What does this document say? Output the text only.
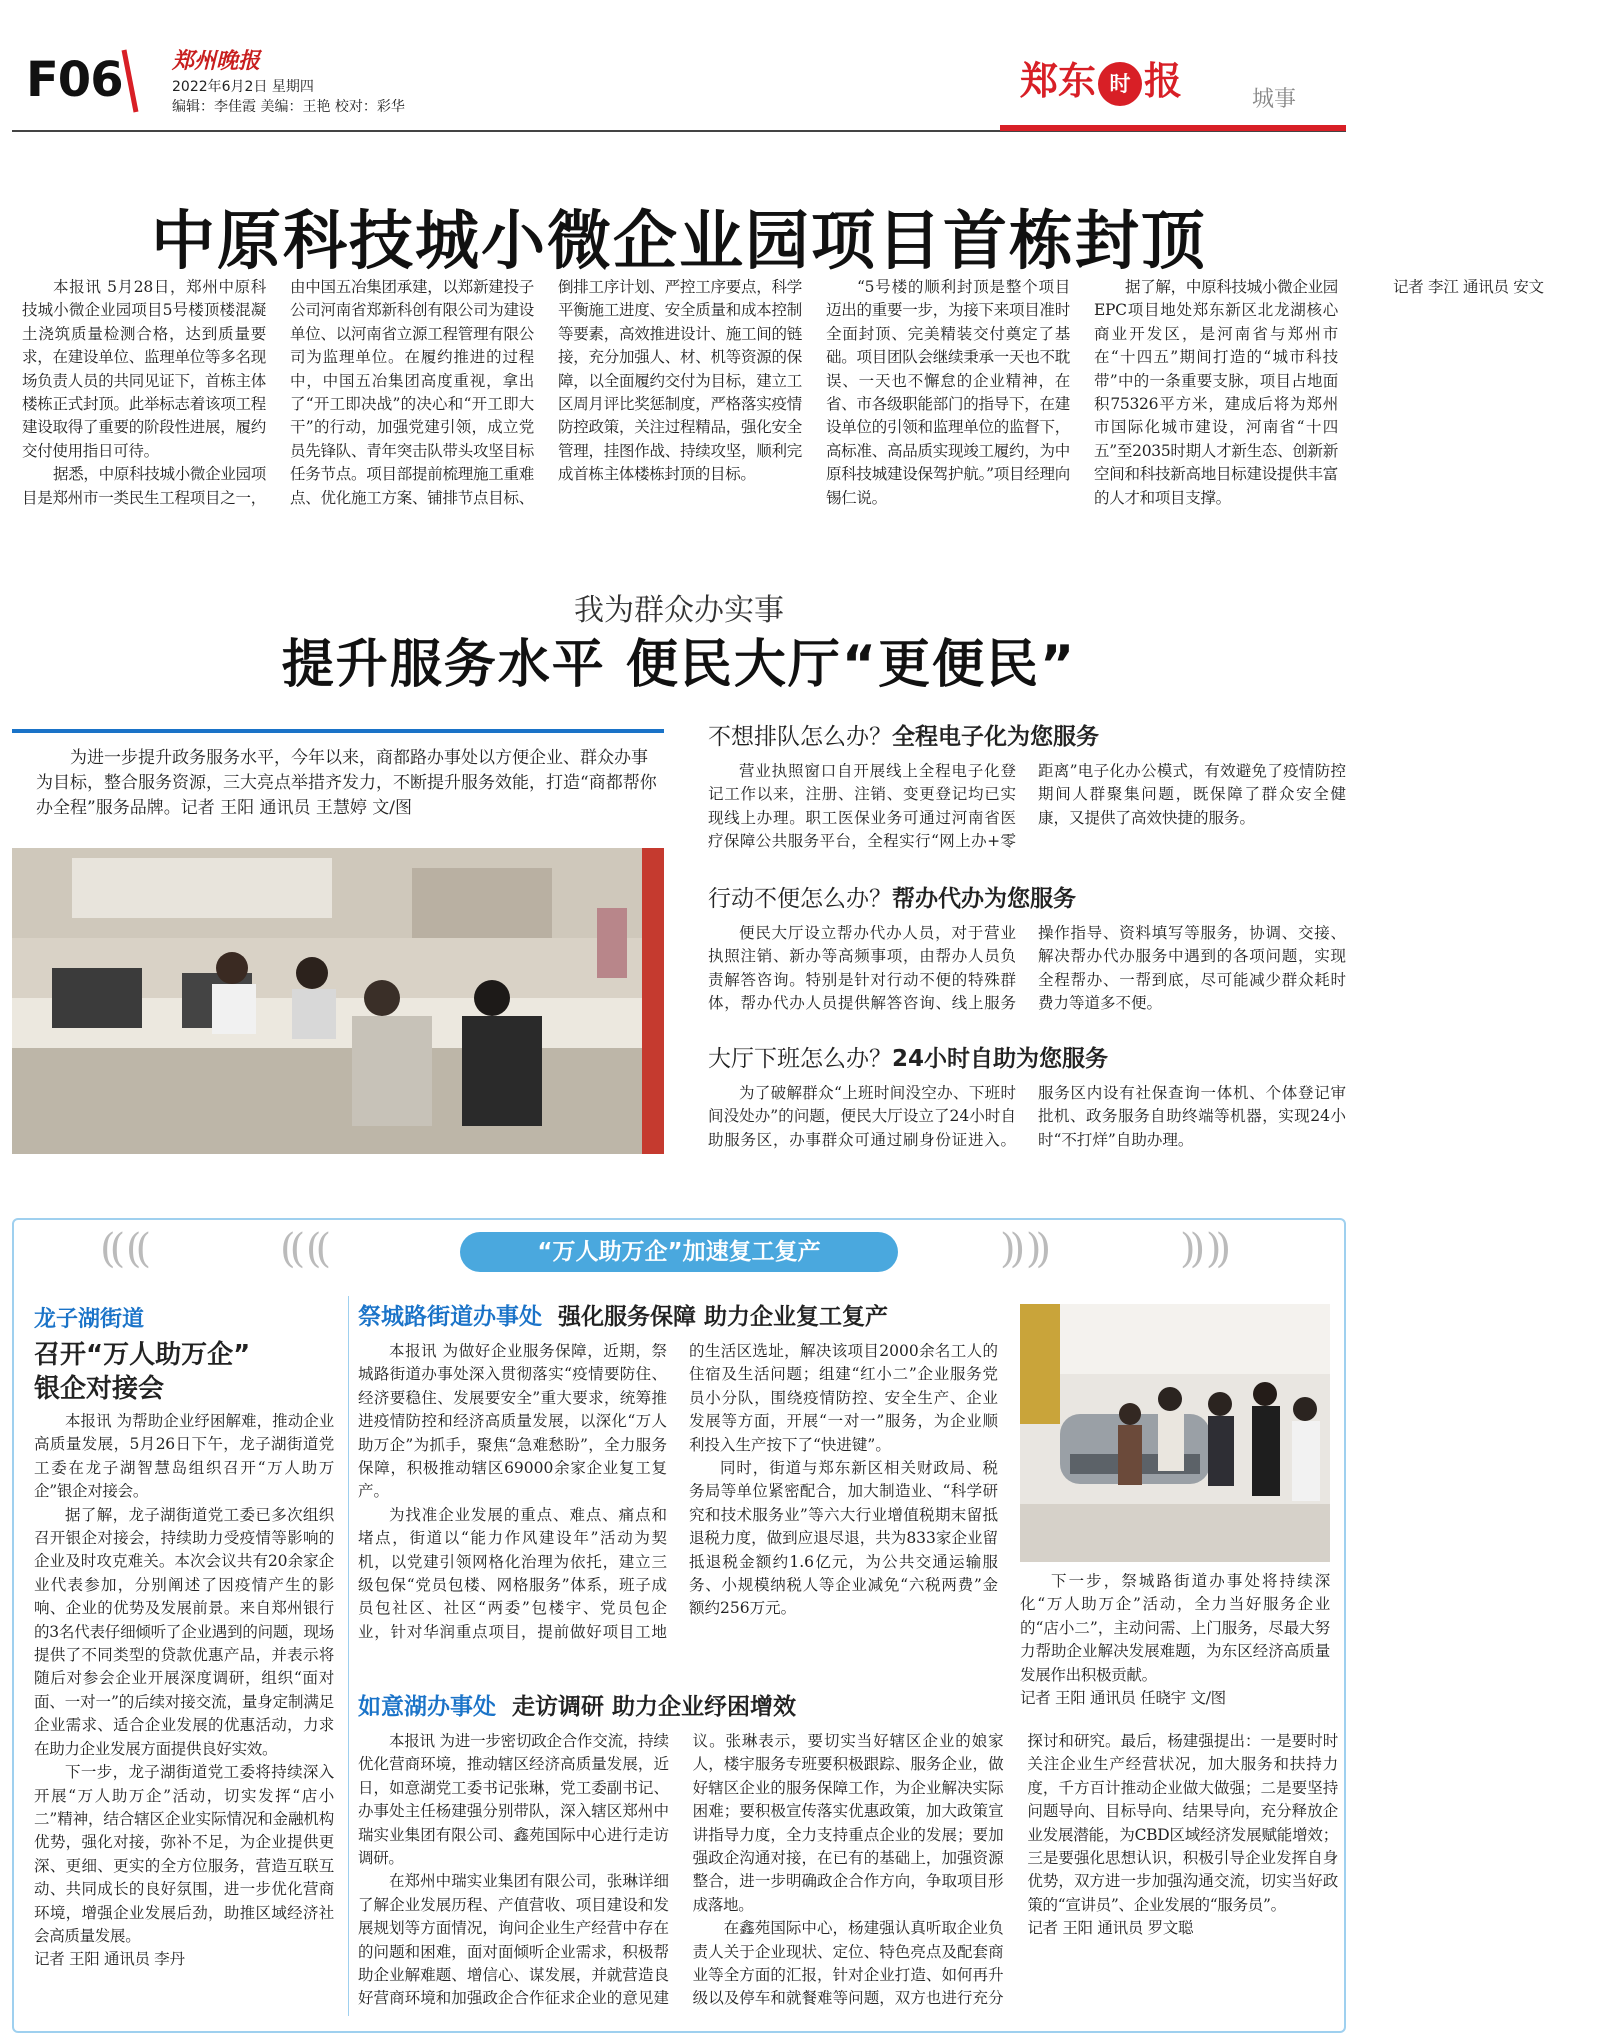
F06 郑州晚报
2022年6月2日 星期四
编辑：李佳霞 美编：王艳 校对：彩华
郑东 时 报	城事
中原科技城小微企业园项目首栋封顶

本报讯 5月28日，郑州中原科技城小微企业园项目5号楼顶楼混凝土浇筑质量检测合格，达到质量要求，在建设单位、监理单位等多名现场负责人员的共同见证下，首栋主体楼栋正式封顶。此举标志着该项工程建设取得了重要的阶段性进展，履约交付使用指日可待。

据悉，中原科技城小微企业园项目是郑州市一类民生工程项目之一，由中国五冶集团承建，以郑新建投子公司河南省郑新科创有限公司为建设单位、以河南省立源工程管理有限公司为监理单位。在履约推进的过程中，中国五冶集团高度重视，拿出了“开工即决战”的决心和“开工即大干”的行动，加强党建引领，成立党员先锋队、青年突击队带头攻坚目标任务节点。项目部提前梳理施工重难点、优化施工方案、铺排节点目标、倒排工序计划、严控工序要点，科学平衡施工进度、安全质量和成本控制等要素，高效推进设计、施工间的链接，充分加强人、材、机等资源的保障，以全面履约交付为目标，建立工区周月评比奖惩制度，严格落实疫情防控政策，关注过程精品，强化安全管理，挂图作战、持续攻坚，顺利完成首栋主体楼栋封顶的目标。

“5号楼的顺利封顶是整个项目迈出的重要一步，为接下来项目准时全面封顶、完美精装交付奠定了基础。项目团队会继续秉承一天也不耽误、一天也不懈怠的企业精神，在省、市各级职能部门的指导下，在建设单位的引领和监理单位的监督下，高标准、高品质实现竣工履约，为中原科技城建设保驾护航。”项目经理向锡仁说。

据了解，中原科技城小微企业园EPC项目地处郑东新区北龙湖核心商业开发区，是河南省与郑州市在“十四五”期间打造的“城市科技带”中的一条重要支脉，项目占地面积75326平方米，建成后将为郑州市国际化城市建设，河南省“十四五”至2035时期人才新生态、创新新空间和科技新高地目标建设提供丰富的人才和项目支撑。

记者 李江 通讯员 安文

我为群众办实事
提升服务水平 便民大厅“更便民”

为进一步提升政务服务水平，今年以来，商都路办事处以方便企业、群众办事为目标，整合服务资源，三大亮点举措齐发力，不断提升服务效能，打造“商都帮你办全程”服务品牌。记者 王阳 通讯员 王慧婷 文/图

不想排队怎么办？全程电子化为您服务

营业执照窗口自开展线上全程电子化登记工作以来，注册、注销、变更登记均已实现线上办理。职工医保业务可通过河南省医疗保障公共服务平台，全程实行“网上办+零距离”电子化办公模式，有效避免了疫情防控期间人群聚集问题，既保障了群众安全健康，又提供了高效快捷的服务。

行动不便怎么办？帮办代办为您服务

便民大厅设立帮办代办人员，对于营业执照注销、新办等高频事项，由帮办人员负责解答咨询。特别是针对行动不便的特殊群体，帮办代办人员提供解答咨询、线上服务操作指导、资料填写等服务，协调、交接、解决帮办代办服务中遇到的各项问题，实现全程帮办、一帮到底，尽可能减少群众耗时费力等道多不便。

大厅下班怎么办？24小时自助为您服务

为了破解群众“上班时间没空办、下班时间没处办”的问题，便民大厅设立了24小时自助服务区，办事群众可通过刷身份证进入。服务区内设有社保查询一体机、个体登记审批机、政务服务自助终端等机器，实现24小时“不打烊”自助办理。

(( ((	(( ((	)) ))	)) ))
“万人助万企”加速复工复产
龙子湖街道
召开“万人助万企”
银企对接会

本报讯 为帮助企业纾困解难，推动企业高质量发展，5月26日下午，龙子湖街道党工委在龙子湖智慧岛组织召开“万人助万企”银企对接会。

据了解，龙子湖街道党工委已多次组织召开银企对接会，持续助力受疫情等影响的企业及时攻克难关。本次会议共有20余家企业代表参加，分别阐述了因疫情产生的影响、企业的优势及发展前景。来自郑州银行的3名代表仔细倾听了企业遇到的问题，现场提供了不同类型的贷款优惠产品，并表示将随后对参会企业开展深度调研，组织“面对面、一对一”的后续对接交流，量身定制满足企业需求、适合企业发展的优惠活动，力求在助力企业发展方面提供良好实效。

下一步，龙子湖街道党工委将持续深入开展“万人助万企”活动，切实发挥“店小二”精神，结合辖区企业实际情况和金融机构优势，强化对接，弥补不足，为企业提供更深、更细、更实的全方位服务，营造互联互动、共同成长的良好氛围，进一步优化营商环境，增强企业发展后劲，助推区域经济社会高质量发展。

记者 王阳 通讯员 李丹

祭城路街道办事处 强化服务保障 助力企业复工复产

本报讯 为做好企业服务保障，近期，祭城路街道办事处深入贯彻落实“疫情要防住、经济要稳住、发展要安全”重大要求，统筹推进疫情防控和经济高质量发展，以深化“万人助万企”为抓手，聚焦“急难愁盼”，全力服务保障，积极推动辖区69000余家企业复工复产。

为找准企业发展的重点、难点、痛点和堵点，街道以“能力作风建设年”活动为契机，以党建引领网格化治理为依托，建立三级包保“党员包楼、网格服务”体系，班子成员包社区、社区“两委”包楼宇、党员包企业，针对华润重点项目，提前做好项目工地的生活区选址，解决该项目2000余名工人的住宿及生活问题；组建“红小二”企业服务党员小分队，围绕疫情防控、安全生产、企业发展等方面，开展“一对一”服务，为企业顺利投入生产按下了“快进键”。

同时，街道与郑东新区相关财政局、税务局等单位紧密配合，加大制造业、“科学研究和技术服务业”等六大行业增值税期末留抵退税力度，做到应退尽退，共为833家企业留抵退税金额约1.6亿元，为公共交通运输服务、小规模纳税人等企业减免“六税两费”金额约256万元。

下一步，祭城路街道办事处将持续深化“万人助万企”活动，全力当好服务企业的“店小二”，主动问需、上门服务，尽最大努力帮助企业解决发展难题，为东区经济高质量发展作出积极贡献。

记者 王阳 通讯员 任晓宇 文/图

如意湖办事处 走访调研 助力企业纾困增效

本报讯 为进一步密切政企合作交流，持续优化营商环境，推动辖区经济高质量发展，近日，如意湖党工委书记张琳，党工委副书记、办事处主任杨建强分别带队，深入辖区郑州中瑞实业集团有限公司、鑫苑国际中心进行走访调研。

在郑州中瑞实业集团有限公司，张琳详细了解企业发展历程、产值营收、项目建设和发展规划等方面情况，询问企业生产经营中存在的问题和困难，面对面倾听企业需求，积极帮助企业解难题、增信心、谋发展，并就营造良好营商环境和加强政企合作征求企业的意见建议。张琳表示，要切实当好辖区企业的娘家人，楼宇服务专班要积极跟踪、服务企业，做好辖区企业的服务保障工作，为企业解决实际困难；要积极宣传落实优惠政策，加大政策宣讲指导力度，全力支持重点企业的发展；要加强政企沟通对接，在已有的基础上，加强资源整合，进一步明确政企合作方向，争取项目形成落地。

在鑫苑国际中心，杨建强认真听取企业负责人关于企业现状、定位、特色亮点及配套商业等全方面的汇报，针对企业打造、如何再升级以及停车和就餐难等问题，双方也进行充分探讨和研究。最后，杨建强提出：一是要时时关注企业生产经营状况，加大服务和扶持力度，千方百计推动企业做大做强；二是要坚持问题导向、目标导向、结果导向，充分释放企业发展潜能，为CBD区域经济发展赋能增效；三是要强化思想认识，积极引导企业发挥自身优势，双方进一步加强沟通交流，切实当好政策的“宣讲员”、企业发展的“服务员”。

记者 王阳 通讯员 罗文聪
